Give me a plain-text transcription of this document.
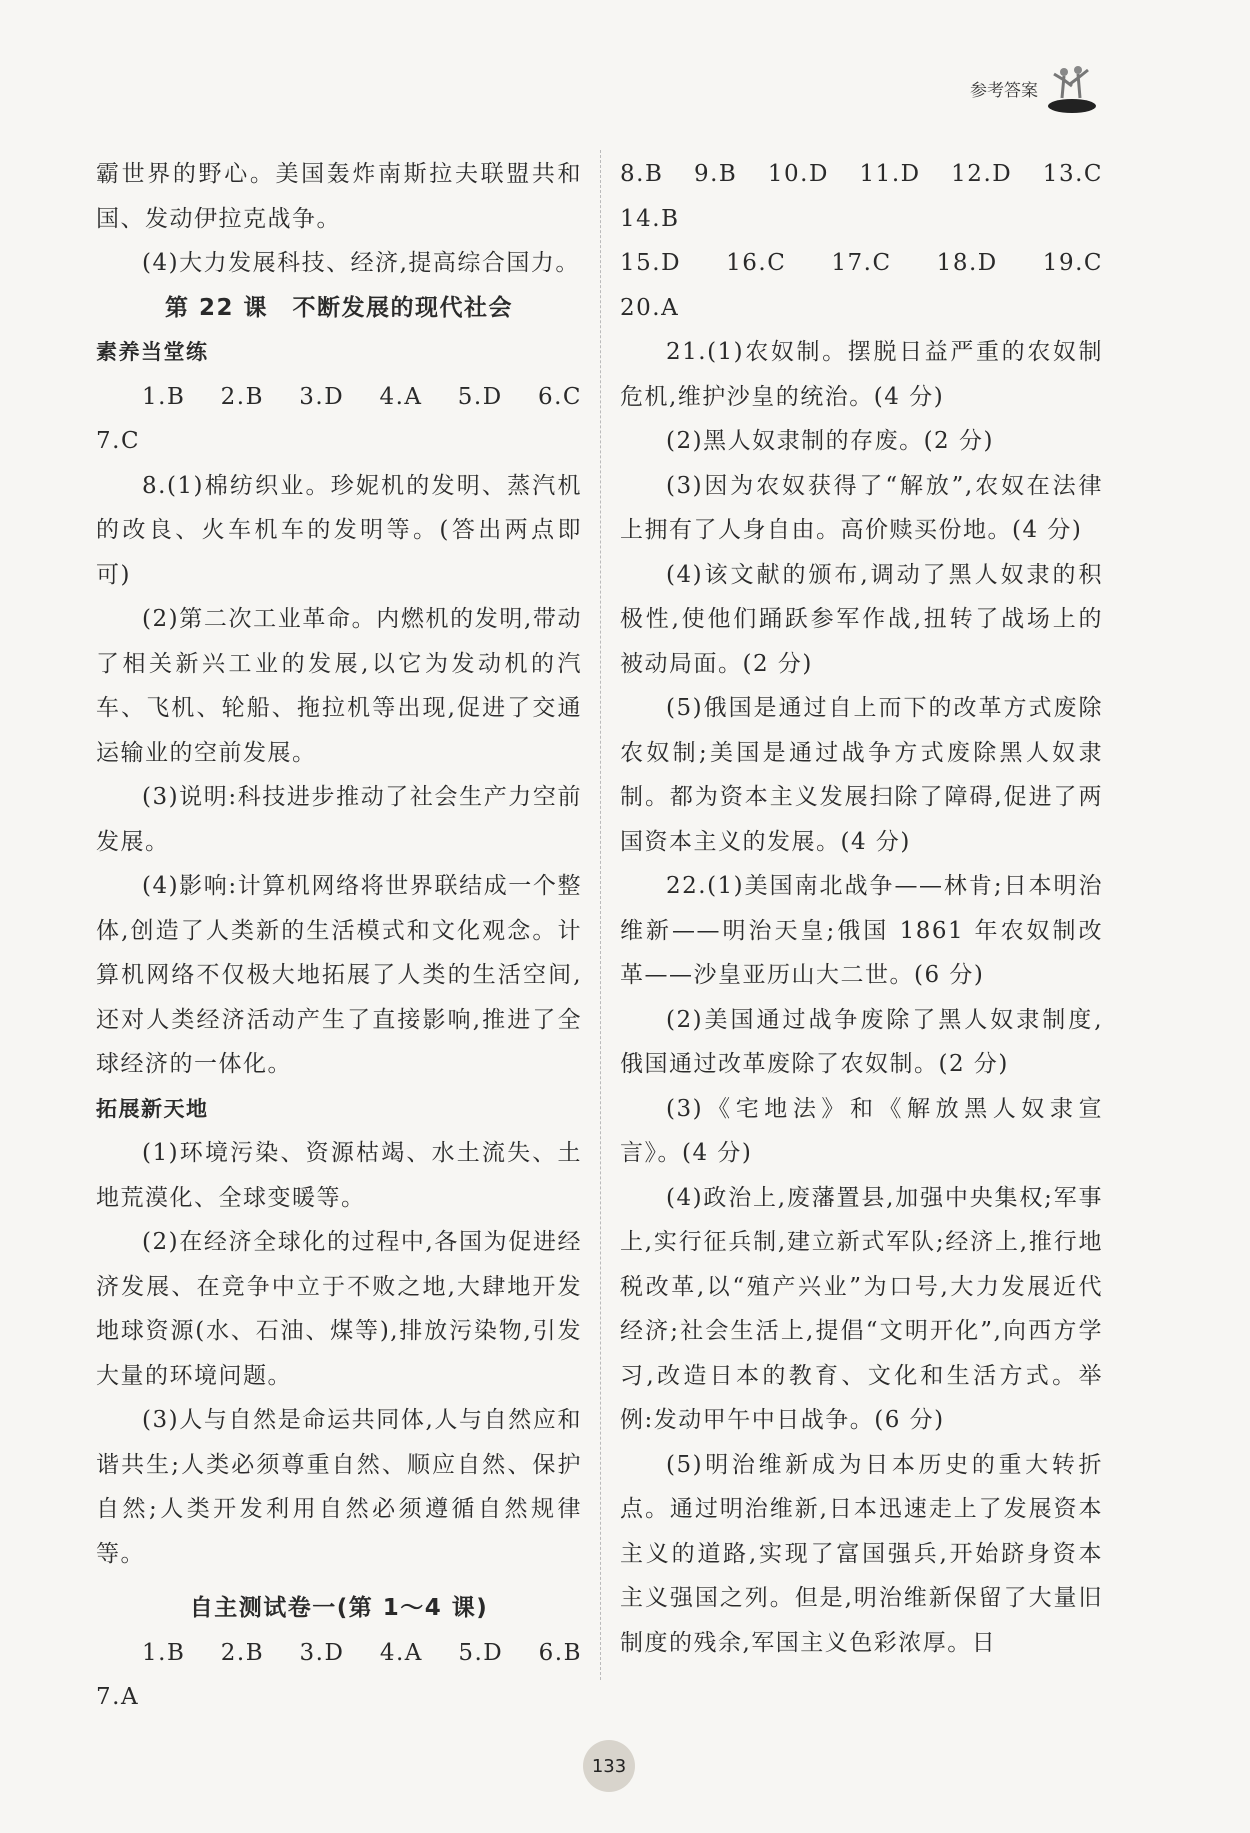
参考答案

霸世界的野心。美国轰炸南斯拉夫联盟共和国、发动伊拉克战争。

(4)大力发展科技、经济,提高综合国力。

第 22 课　不断发展的现代社会

素养当堂练

1.B　2.B　3.D　4.A　5.D　6.C　7.C

8.(1)棉纺织业。珍妮机的发明、蒸汽机的改良、火车机车的发明等。(答出两点即可)

(2)第二次工业革命。内燃机的发明,带动了相关新兴工业的发展,以它为发动机的汽车、飞机、轮船、拖拉机等出现,促进了交通运输业的空前发展。

(3)说明:科技进步推动了社会生产力空前发展。

(4)影响:计算机网络将世界联结成一个整体,创造了人类新的生活模式和文化观念。计算机网络不仅极大地拓展了人类的生活空间,还对人类经济活动产生了直接影响,推进了全球经济的一体化。

拓展新天地

(1)环境污染、资源枯竭、水土流失、土地荒漠化、全球变暖等。

(2)在经济全球化的过程中,各国为促进经济发展、在竞争中立于不败之地,大肆地开发地球资源(水、石油、煤等),排放污染物,引发大量的环境问题。

(3)人与自然是命运共同体,人与自然应和谐共生;人类必须尊重自然、顺应自然、保护自然;人类开发利用自然必须遵循自然规律等。

自主测试卷一(第 1～4 课)

1.B　2.B　3.D　4.A　5.D　6.B　7.A

8.B　9.B　10.D　11.D　12.D　13.C　14.B

15.D　16.C　17.C　18.D　19.C　20.A

21.(1)农奴制。摆脱日益严重的农奴制危机,维护沙皇的统治。(4 分)

(2)黑人奴隶制的存废。(2 分)

(3)因为农奴获得了“解放”,农奴在法律上拥有了人身自由。高价赎买份地。(4 分)

(4)该文献的颁布,调动了黑人奴隶的积极性,使他们踊跃参军作战,扭转了战场上的被动局面。(2 分)

(5)俄国是通过自上而下的改革方式废除农奴制;美国是通过战争方式废除黑人奴隶制。都为资本主义发展扫除了障碍,促进了两国资本主义的发展。(4 分)

22.(1)美国南北战争——林肯;日本明治维新——明治天皇;俄国 1861 年农奴制改革——沙皇亚历山大二世。(6 分)

(2)美国通过战争废除了黑人奴隶制度,俄国通过改革废除了农奴制。(2 分)

(3)《宅地法》和《解放黑人奴隶宣言》。(4 分)

(4)政治上,废藩置县,加强中央集权;军事上,实行征兵制,建立新式军队;经济上,推行地税改革,以“殖产兴业”为口号,大力发展近代经济;社会生活上,提倡“文明开化”,向西方学习,改造日本的教育、文化和生活方式。举例:发动甲午中日战争。(6 分)

(5)明治维新成为日本历史的重大转折点。通过明治维新,日本迅速走上了发展资本主义的道路,实现了富国强兵,开始跻身资本主义强国之列。但是,明治维新保留了大量旧制度的残余,军国主义色彩浓厚。日

133
